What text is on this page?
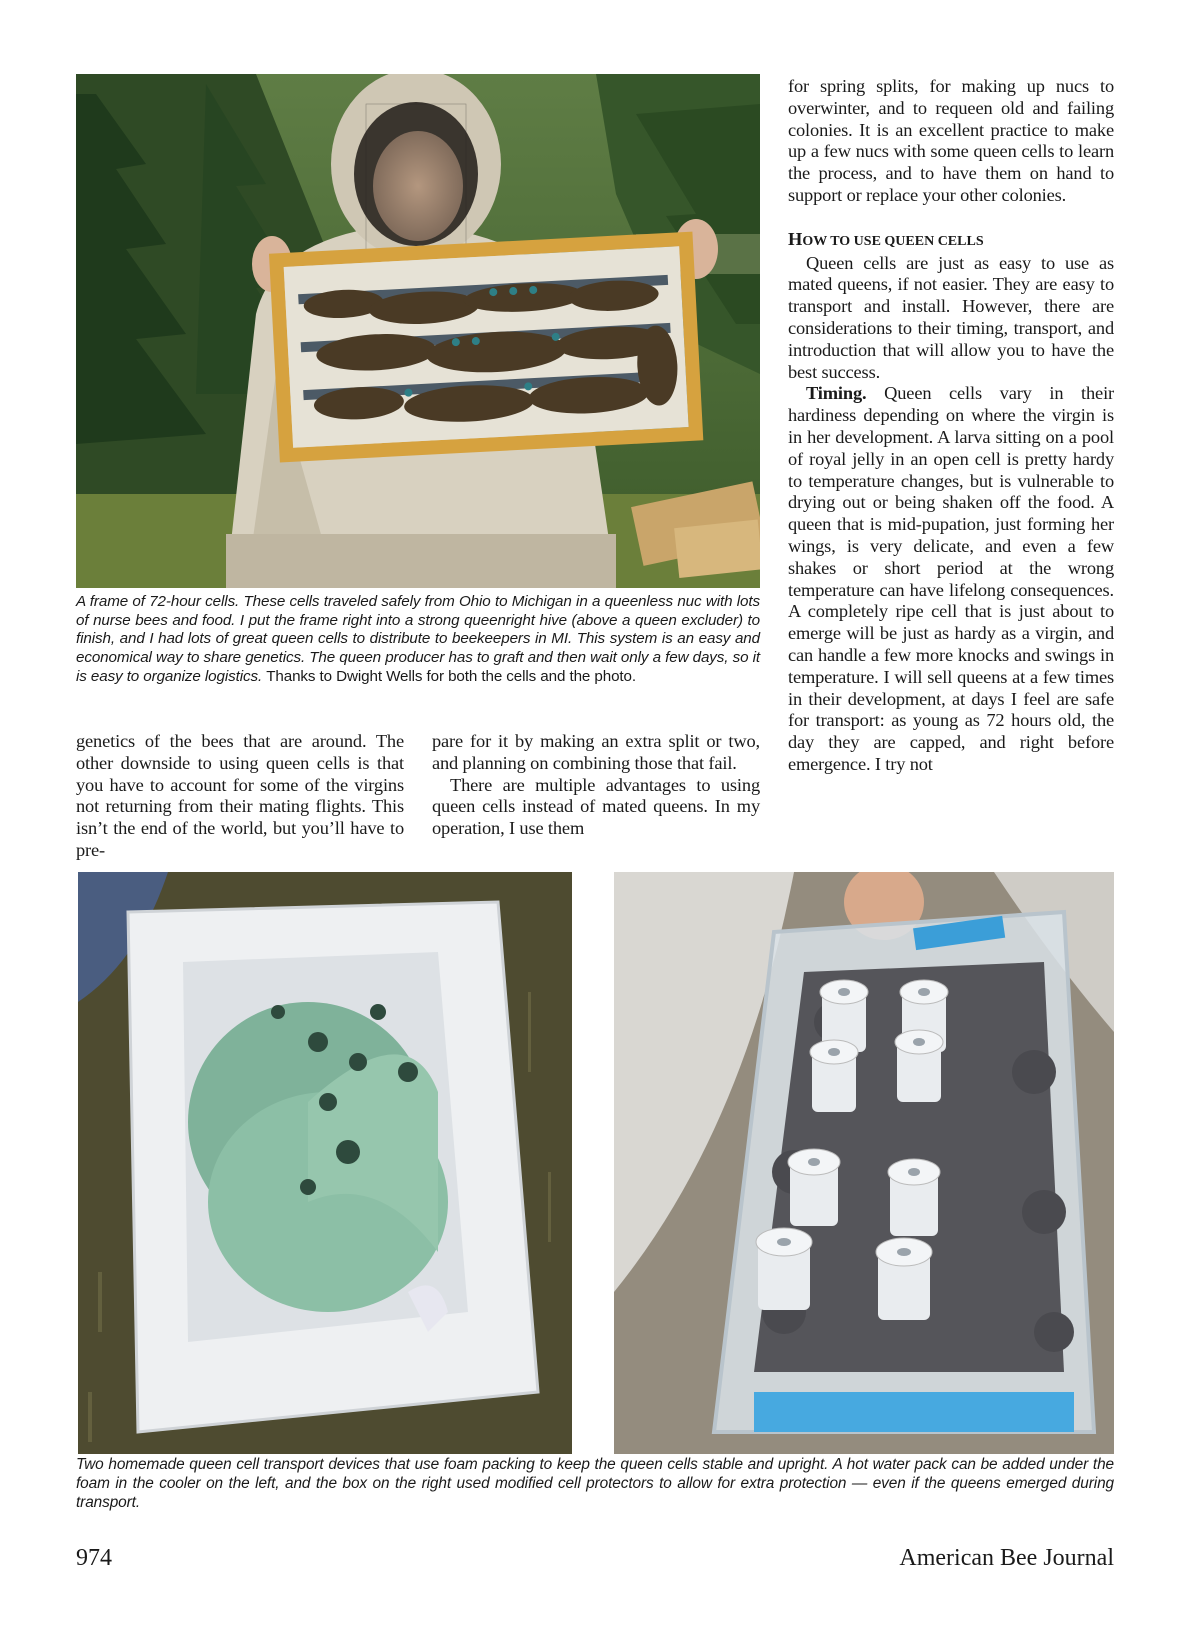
A frame of 72-hour cells. These cells traveled safely from Ohio to Michigan in a queenless nuc with lots of nurse bees and food. I put the frame right into a strong queenright hive (above a queen excluder) to finish, and I had lots of great queen cells to distribute to beekeepers in MI. This system is an easy and economical way to share genetics. The queen producer has to graft and then wait only a few days, so it is easy to organize logistics. Thanks to Dwight Wells for both the cells and the photo.

genetics of the bees that are around. The other downside to using queen cells is that you have to account for some of the virgins not returning from their mating flights. This isn’t the end of the world, but you’ll have to pre-

pare for it by making an extra split or two, and planning on combining those that fail.

There are multiple advantages to using queen cells instead of mated queens. In my operation, I use them

for spring splits, for making up nucs to overwinter, and to requeen old and failing colonies. It is an excellent practice to make up a few nucs with some queen cells to learn the process, and to have them on hand to support or replace your other colonies.

HOW TO USE QUEEN CELLS

Queen cells are just as easy to use as mated queens, if not easier. They are easy to transport and install. However, there are considerations to their timing, transport, and introduction that will allow you to have the best success.

Timing. Queen cells vary in their hardiness depending on where the virgin is in her development. A larva sitting on a pool of royal jelly in an open cell is pretty hardy to temperature changes, but is vulnerable to drying out or being shaken off the food. A queen that is mid-pupation, just forming her wings, is very delicate, and even a few shakes or short period at the wrong temperature can have lifelong consequences. A completely ripe cell that is just about to emerge will be just as hardy as a virgin, and can handle a few more knocks and swings in temperature. I will sell queens at a few times in their development, at days I feel are safe for transport: as young as 72 hours old, the day they are capped, and right before emergence. I try not

Two homemade queen cell transport devices that use foam packing to keep the queen cells stable and upright. A hot water pack can be added under the foam in the cooler on the left, and the box on the right used modified cell protectors to allow for extra protection — even if the queens emerged during transport.
974	American Bee Journal
